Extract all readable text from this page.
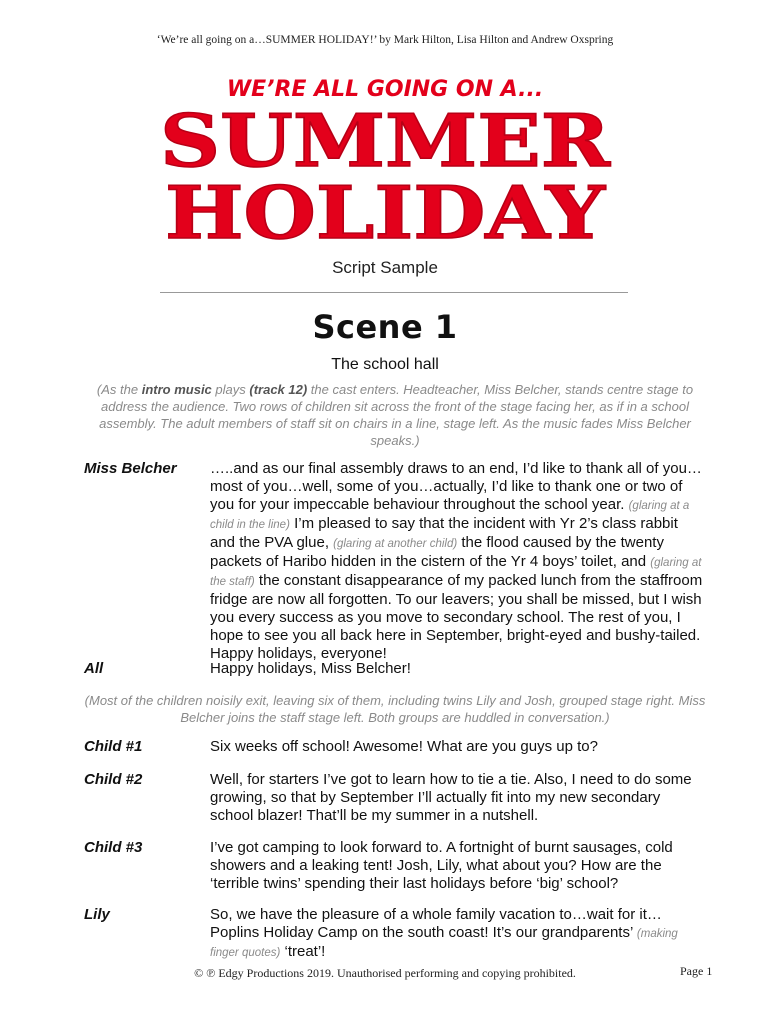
‘We’re all going on a…SUMMER HOLIDAY!’ by Mark Hilton, Lisa Hilton and Andrew Oxspring
WE’RE ALL GOING ON A...
SUMMER
HOLIDAY
Script Sample
Scene 1
The school hall
(As the intro music plays (track 12) the cast enters. Headteacher, Miss Belcher, stands centre stage to address the audience. Two rows of children sit across the front of the stage facing her, as if in a school assembly. The adult members of staff sit on chairs in a line, stage left. As the music fades Miss Belcher speaks.)
Miss Belcher	…..and as our final assembly draws to an end, I’d like to thank all of you… most of you…well, some of you…actually, I’d like to thank one or two of you for your impeccable behaviour throughout the school year. (glaring at a child in the line) I’m pleased to say that the incident with Yr 2’s class rabbit and the PVA glue, (glaring at another child) the flood caused by the twenty packets of Haribo hidden in the cistern of the Yr 4 boys’ toilet, and (glaring at the staff) the constant disappearance of my packed lunch from the staffroom fridge are now all forgotten. To our leavers; you shall be missed, but I wish you every success as you move to secondary school. The rest of you, I hope to see you all back here in September, bright-eyed and bushy-tailed. Happy holidays, everyone!
All	Happy holidays, Miss Belcher!
(Most of the children noisily exit, leaving six of them, including twins Lily and Josh, grouped stage right. Miss Belcher joins the staff stage left. Both groups are huddled in conversation.)
Child #1	Six weeks off school! Awesome! What are you guys up to?
Child #2	Well, for starters I’ve got to learn how to tie a tie. Also, I need to do some growing, so that by September I’ll actually fit into my new secondary school blazer! That’ll be my summer in a nutshell.
Child #3	I’ve got camping to look forward to. A fortnight of burnt sausages, cold showers and a leaking tent! Josh, Lily, what about you? How are the ‘terrible twins’ spending their last holidays before ‘big’ school?
Lily	So, we have the pleasure of a whole family vacation to…wait for it… Poplins Holiday Camp on the south coast! It’s our grandparents’ (making finger quotes) ‘treat’!
© ℗ Edgy Productions 2019. Unauthorised performing and copying prohibited.	Page 1
